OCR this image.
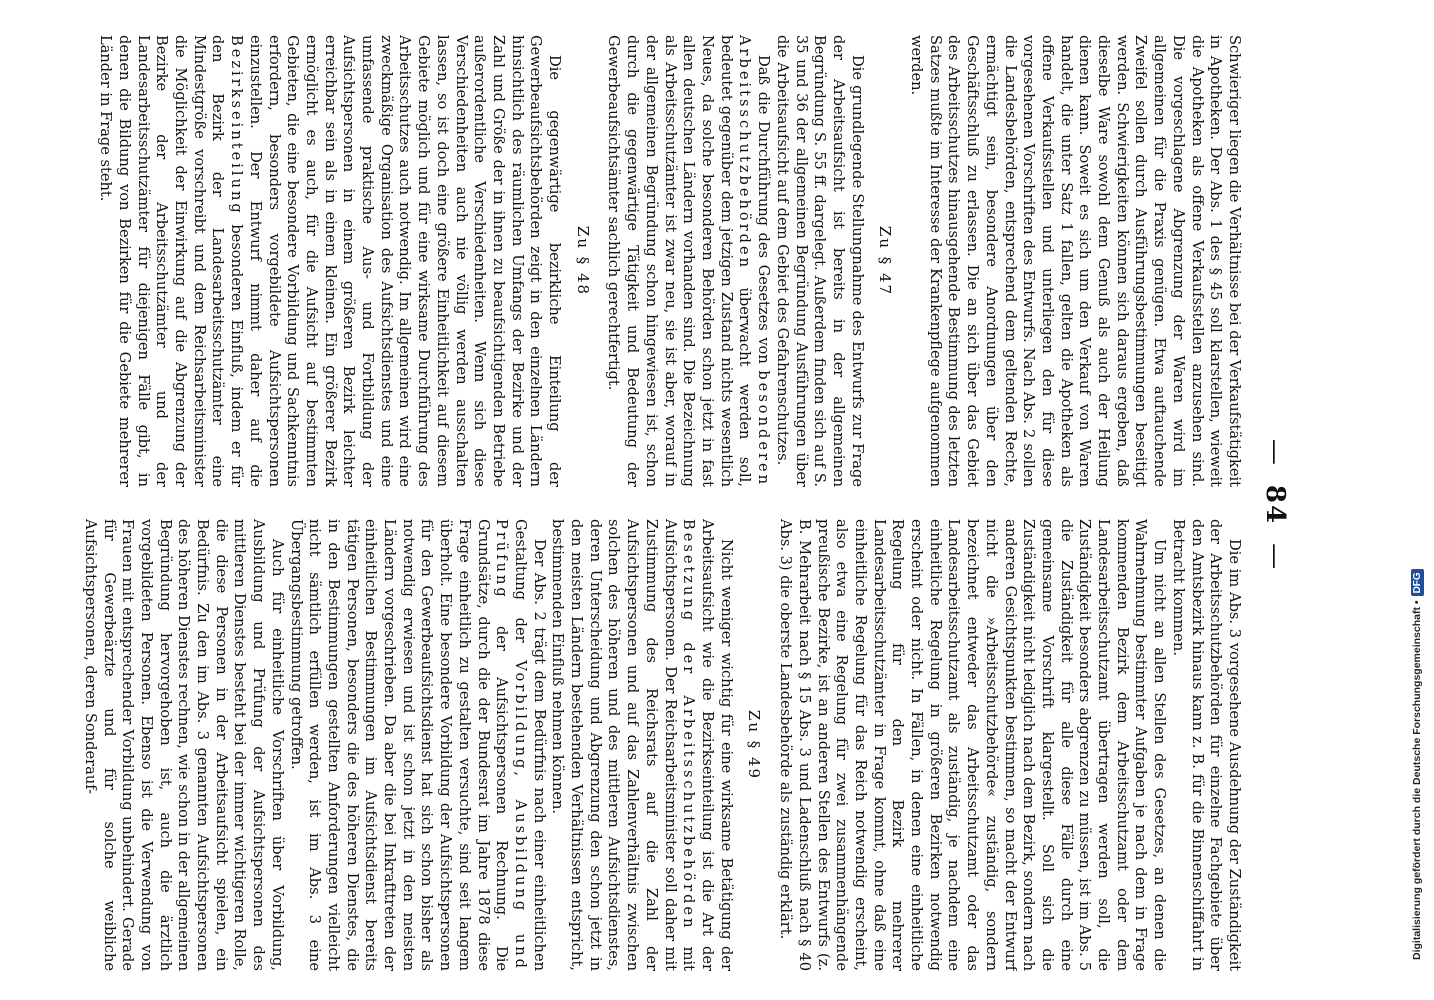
—
84
—

Schwieriger liegen die Verhältnisse bei der Verkaufstätigkeit in Apotheken. Der Abs. 1 des § 45 soll klarstellen, wieweit die Apotheken als offene Verkaufsstellen anzusehen sind. Die vorgeschlagene Abgrenzung der Waren wird im allgemeinen für die Praxis genügen. Etwa auftauchende Zweifel sollen durch Ausführungsbestimmungen beseitigt werden. Schwierigkeiten können sich daraus ergeben, daß dieselbe Ware sowohl dem Genuß als auch der Heilung dienen kann. Soweit es sich um den Verkauf von Waren handelt, die unter Satz 1 fallen, gelten die Apotheken als offene Verkaufsstellen und unterliegen den für diese vorgesehenen Vorschriften des Entwurfs. Nach Abs. 2 sollen die Landesbehörden, entsprechend dem geltenden Rechte, ermächtigt sein, besondere Anordnungen über den Geschäftsschluß zu erlassen. Die an sich über das Gebiet des Arbeitsschutzes hinausgehende Bestimmung des letzten Satzes mußte im Interesse der Krankenpflege aufgenommen werden.

Zu § 47

Die grundlegende Stellungnahme des Entwurfs zur Frage der Arbeitsaufsicht ist bereits in der allgemeinen Begründung S. 55 ff. dargelegt. Außerdem finden sich auf S. 35 und 36 der allgemeinen Begründung Ausführungen über die Arbeitsaufsicht auf dem Gebiet des Gefahrenschutzes.

Daß die Durchführung des Gesetzes von besonderen Arbeitsschutzbehörden überwacht werden soll, bedeutet gegenüber dem jetzigen Zustand nichts wesentlich Neues, da solche besonderen Behörden schon jetzt in fast allen deutschen Ländern vorhanden sind. Die Bezeichnung als Arbeitsschutzämter ist zwar neu, sie ist aber, worauf in der allgemeinen Begründung schon hingewiesen ist, schon durch die gegenwärtige Tätigkeit und Bedeutung der Gewerbeaufsichtsämter sachlich gerechtfertigt.

Zu § 48

Die gegenwärtige bezirkliche Einteilung der Gewerbeaufsichtsbehörden zeigt in den einzelnen Ländern hinsichtlich des räumlichen Umfangs der Bezirke und der Zahl und Größe der in ihnen zu beaufsichtigenden Betriebe außerordentliche Verschiedenheiten. Wenn sich diese Verschiedenheiten auch nie völlig werden ausschalten lassen, so ist doch eine größere Einheitlichkeit auf diesem Gebiete möglich und für eine wirksame Durchführung des Arbeitsschutzes auch notwendig. Im allgemeinen wird eine zweckmäßige Organisation des Aufsichtsdienstes und eine umfassende praktische Aus- und Fortbildung der Aufsichtspersonen in einem größeren Bezirk leichter erreichbar sein als in einem kleinen. Ein größerer Bezirk ermöglicht es auch, für die Aufsicht auf bestimmten Gebieten, die eine besondere Vorbildung und Sachkenntnis erfordern, besonders vorgebildete Aufsichtspersonen einzustellen. Der Entwurf nimmt daher auf die Bezirkseinteilung besonderen Einfluß, indem er für den Bezirk der Landesarbeitsschutzämter eine Mindestgröße vorschreibt und dem Reichsarbeitsminister die Möglichkeit der Einwirkung auf die Abgrenzung der Bezirke der Arbeitsschutzämter und der Landesarbeitsschutzämter für diejenigen Fälle gibt, in denen die Bildung von Bezirken für die Gebiete mehrerer Länder in Frage steht.

Die im Abs. 3 vorgesehene Ausdehnung der Zuständigkeit der Arbeitsschutzbehörden für einzelne Fachgebiete über den Amtsbezirk hinaus kann z. B. für die Binnenschiffahrt in Betracht kommen.

Um nicht an allen Stellen des Gesetzes, an denen die Wahrnehmung bestimmter Aufgaben je nach dem in Frage kommenden Bezirk dem Arbeitsschutzamt oder dem Landesarbeitsschutzamt übertragen werden soll, die Zuständigkeit besonders abgrenzen zu müssen, ist im Abs. 5 die Zuständigkeit für alle diese Fälle durch eine gemeinsame Vorschrift klargestellt. Soll sich die Zuständigkeit nicht lediglich nach dem Bezirk, sondern nach anderen Gesichtspunkten bestimmen, so macht der Entwurf nicht die »Arbeitsschutzbehörde« zuständig, sondern bezeichnet entweder das Arbeitsschutzamt oder das Landesarbeitsschutzamt als zuständig, je nachdem eine einheitliche Regelung in größeren Bezirken notwendig erscheint oder nicht. In Fällen, in denen eine einheitliche Regelung für den Bezirk mehrerer Landesarbeitsschutzämter in Frage kommt, ohne daß eine einheitliche Regelung für das Reich notwendig erscheint, also etwa eine Regelung für zwei zusammenhängende preußische Bezirke, ist an anderen Stellen des Entwurfs (z. B. Mehrarbeit nach § 15 Abs. 3 und Ladenschluß nach § 40 Abs. 3) die oberste Landesbehörde als zuständig erklärt.

Zu § 49

Nicht weniger wichtig für eine wirksame Betätigung der Arbeitsaufsicht wie die Bezirkseinteilung ist die Art der Besetzung der Arbeitsschutzbehörden mit Aufsichtspersonen. Der Reichsarbeitsminister soll daher mit Zustimmung des Reichsrats auf die Zahl der Aufsichtspersonen und auf das Zahlenverhältnis zwischen solchen des höheren und des mittleren Aufsichtsdienstes, deren Unterscheidung und Abgrenzung den schon jetzt in den meisten Ländern bestehenden Verhältnissen entspricht, bestimmenden Einfluß nehmen können.

Der Abs. 2 trägt dem Bedürfnis nach einer einheitlichen Gestaltung der Vorbildung, Ausbildung und Prüfung der Aufsichtspersonen Rechnung. Die Grundsätze, durch die der Bundesrat im Jahre 1878 diese Frage einheitlich zu gestalten versuchte, sind seit langem überholt. Eine besondere Vorbildung der Aufsichtspersonen für den Gewerbeaufsichtsdienst hat sich schon bisher als notwendig erwiesen und ist schon jetzt in den meisten Ländern vorgeschrieben. Da aber die bei Inkrafttreten der einheitlichen Bestimmungen im Aufsichtsdienst bereits tätigen Personen, besonders die des höheren Dienstes, die in den Bestimmungen gestellten Anforderungen vielleicht nicht sämtlich erfüllen werden, ist im Abs. 3 eine Übergangsbestimmung getroffen.

Auch für einheitliche Vorschriften über Vorbildung, Ausbildung und Prüfung der Aufsichtspersonen des mittleren Dienstes besteht bei der immer wichtigeren Rolle, die diese Personen in der Arbeitsaufsicht spielen, ein Bedürfnis. Zu den im Abs. 3 genannten Aufsichtspersonen des höheren Dienstes rechnen, wie schon in der allgemeinen Begründung hervorgehoben ist, auch die ärztlich vorgebildeten Personen. Ebenso ist die Verwendung von Frauen mit entsprechender Vorbildung unbehindert. Gerade für Gewerbeärzte und für solche weibliche Aufsichtspersonen, deren Sonderauf-	Digitalisierung gefördert durch die Deutsche Forschungsgemeinschaft •
DFG
